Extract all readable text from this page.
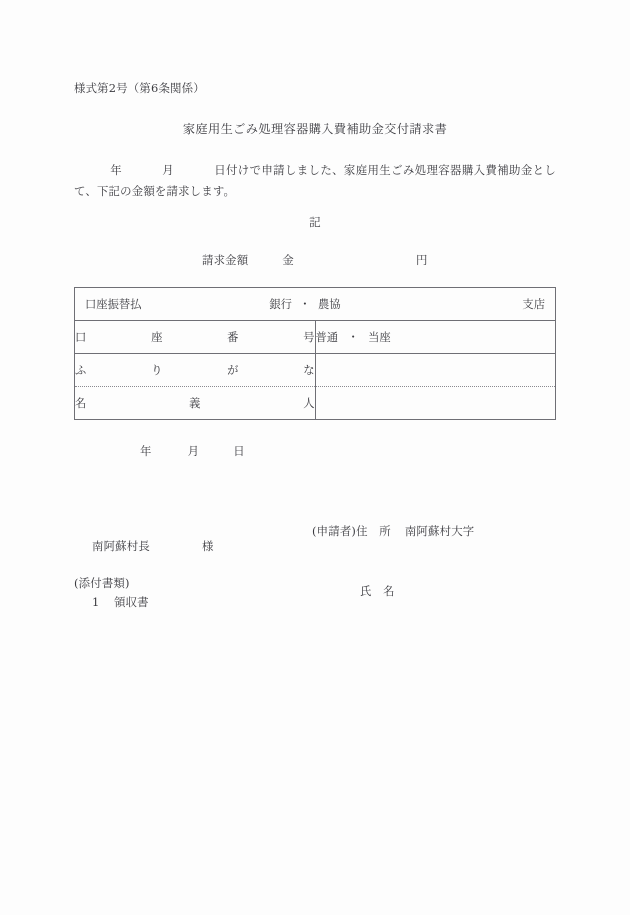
様式第2号（第6条関係）
家庭用生ごみ処理容器購入費補助金交付請求書
年	月	日付けで申請しました、家庭用生ごみ処理容器購入費補助金として、下記の金額を請求します。
記
請求金額	金	円
口座振替払 銀行 ・ 農協 支店	

口 座 番 号	普通 ・ 当座

ふ り が な	

名 義 人	

年	月	日

(申請者)住　所 南阿蘇村大字

氏　名

南阿蘇村長	様
(添付書類)
1 領収書
